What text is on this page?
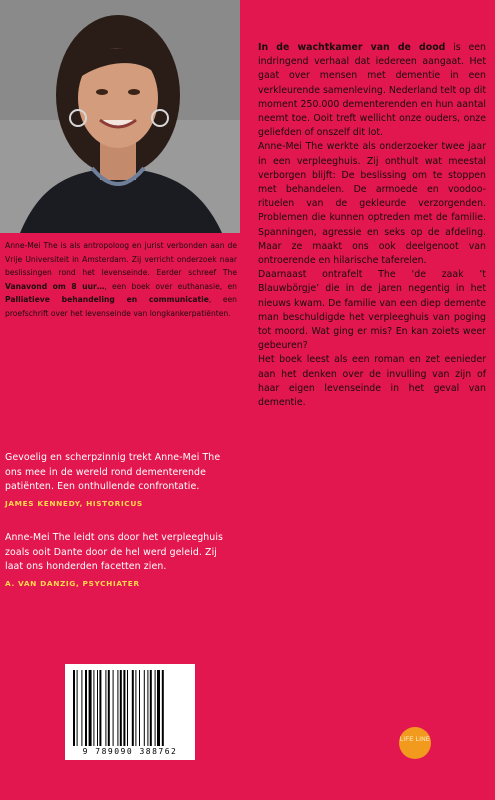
Anne-Mei The is als antropoloog en jurist verbonden aan de Vrije Universiteit in Amsterdam. Zij verricht onderzoek naar beslissingen rond het levenseinde. Eerder schreef The Vanavond om 8 uur…, een boek over euthanasie, en Palliatieve behandeling en communicatie, een proefschrift over het levenseinde van longkankerpatiënten.
Gevoelig en scherpzinnig trekt Anne-Mei The ons mee in de wereld rond dementerende patiënten. Een onthullende confrontatie.
JAMES KENNEDY, HISTORICUS
Anne-Mei The leidt ons door het verpleeghuis zoals ooit Dante door de hel werd geleid. Zij laat ons honderden facetten zien.
A. VAN DANZIG, PSYCHIATER

In de wachtkamer van de dood is een indringend verhaal dat iedereen aangaat. Het gaat over mensen met dementie in een verkleurende samenleving. Nederland telt op dit moment 250.000 dementerenden en hun aantal neemt toe. Ooit treft wellicht onze ouders, onze geliefden of onszelf dit lot.

Anne-Mei The werkte als onderzoeker twee jaar in een verpleeghuis. Zij onthult wat meestal verborgen blijft: De beslissing om te stoppen met behandelen. De armoede en voodoo-rituelen van de gekleurde verzorgenden. Problemen die kunnen optreden met de familie. Spanningen, agressie en seks op de afdeling. Maar ze maakt ons ook deelgenoot van ontroerende en hilarische taferelen.

Daarnaast ontrafelt The ‘de zaak ’t Blauwbörgje’ die in de jaren negentig in het nieuws kwam. De familie van een diep demente man beschuldigde het verpleeghuis van poging tot moord. Wat ging er mis? En kan zoiets weer gebeuren?

Het boek leest als een roman en zet eenieder aan het denken over de invulling van zijn of haar eigen levenseinde in het geval van dementie.

9 789090 388762
LIFE LINE
